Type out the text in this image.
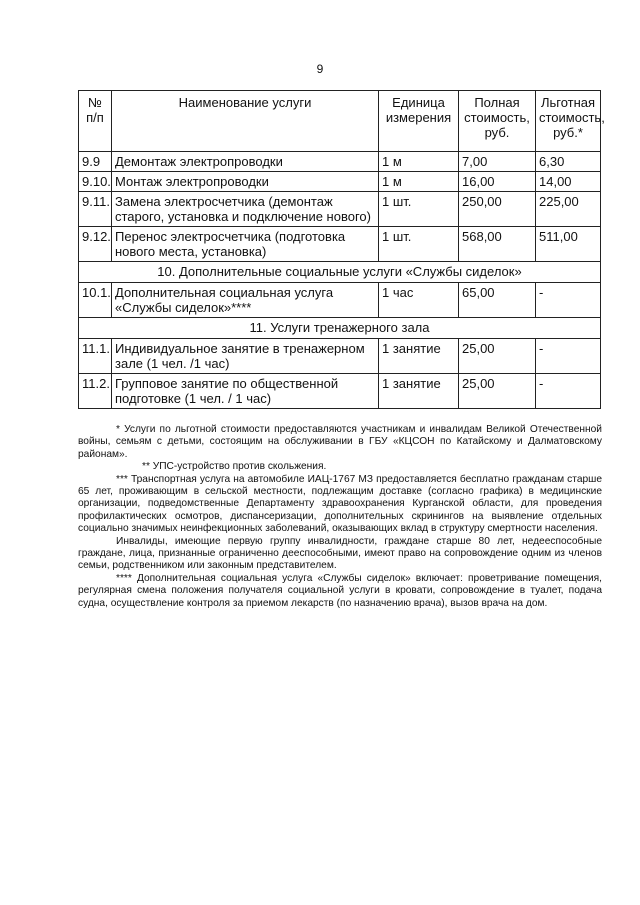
9
№ п/п	Наименование услуги	Единица измерения	Полная стоимость, руб.	Льготная стоимость, руб.*
9.9	Демонтаж электропроводки	1 м	7,00	6,30
9.10.	Монтаж электропроводки	1 м	16,00	14,00
9.11.	Замена электросчетчика (демонтаж старого, установка и подключение нового)	1 шт.	250,00	225,00
9.12.	Перенос электросчетчика (подготовка нового места, установка)	1 шт.	568,00	511,00
10. Дополнительные социальные услуги «Службы сиделок»				
10.1.	Дополнительная социальная услуга «Службы сиделок»****	1 час	65,00	-
11. Услуги тренажерного зала				
11.1.	Индивидуальное занятие в тренажерном зале (1 чел. /1 час)	1 занятие	25,00	-
11.2.	Групповое занятие по общественной подготовке (1 чел. / 1 час)	1 занятие	25,00	-

* Услуги по льготной стоимости предоставляются участникам и инвалидам Великой Отечественной войны, семьям с детьми, состоящим на обслуживании в ГБУ «КЦСОН по Катайскому и Далматовскому районам».

** УПС-устройство против скольжения.

*** Транспортная услуга на автомобиле ИАЦ-1767 МЗ предоставляется бесплатно гражданам старше 65 лет, проживающим в сельской местности, подлежащим доставке (согласно графика) в медицинские организации, подведомственные Департаменту здравоохранения Курганской области, для проведения профилактических осмотров, диспансеризации, дополнительных скринингов на выявление отдельных социально значимых неинфекционных заболеваний, оказывающих вклад в структуру смертности населения.

Инвалиды, имеющие первую группу инвалидности, граждане старше 80 лет, недееспособные граждане, лица, признанные ограниченно дееспособными, имеют право на сопровождение одним из членов семьи, родственником или законным представителем.

**** Дополнительная социальная услуга «Службы сиделок» включает: проветривание помещения, регулярная смена положения получателя социальной услуги в кровати, сопровождение в туалет, подача судна, осуществление контроля за приемом лекарств (по назначению врача), вызов врача на дом.
